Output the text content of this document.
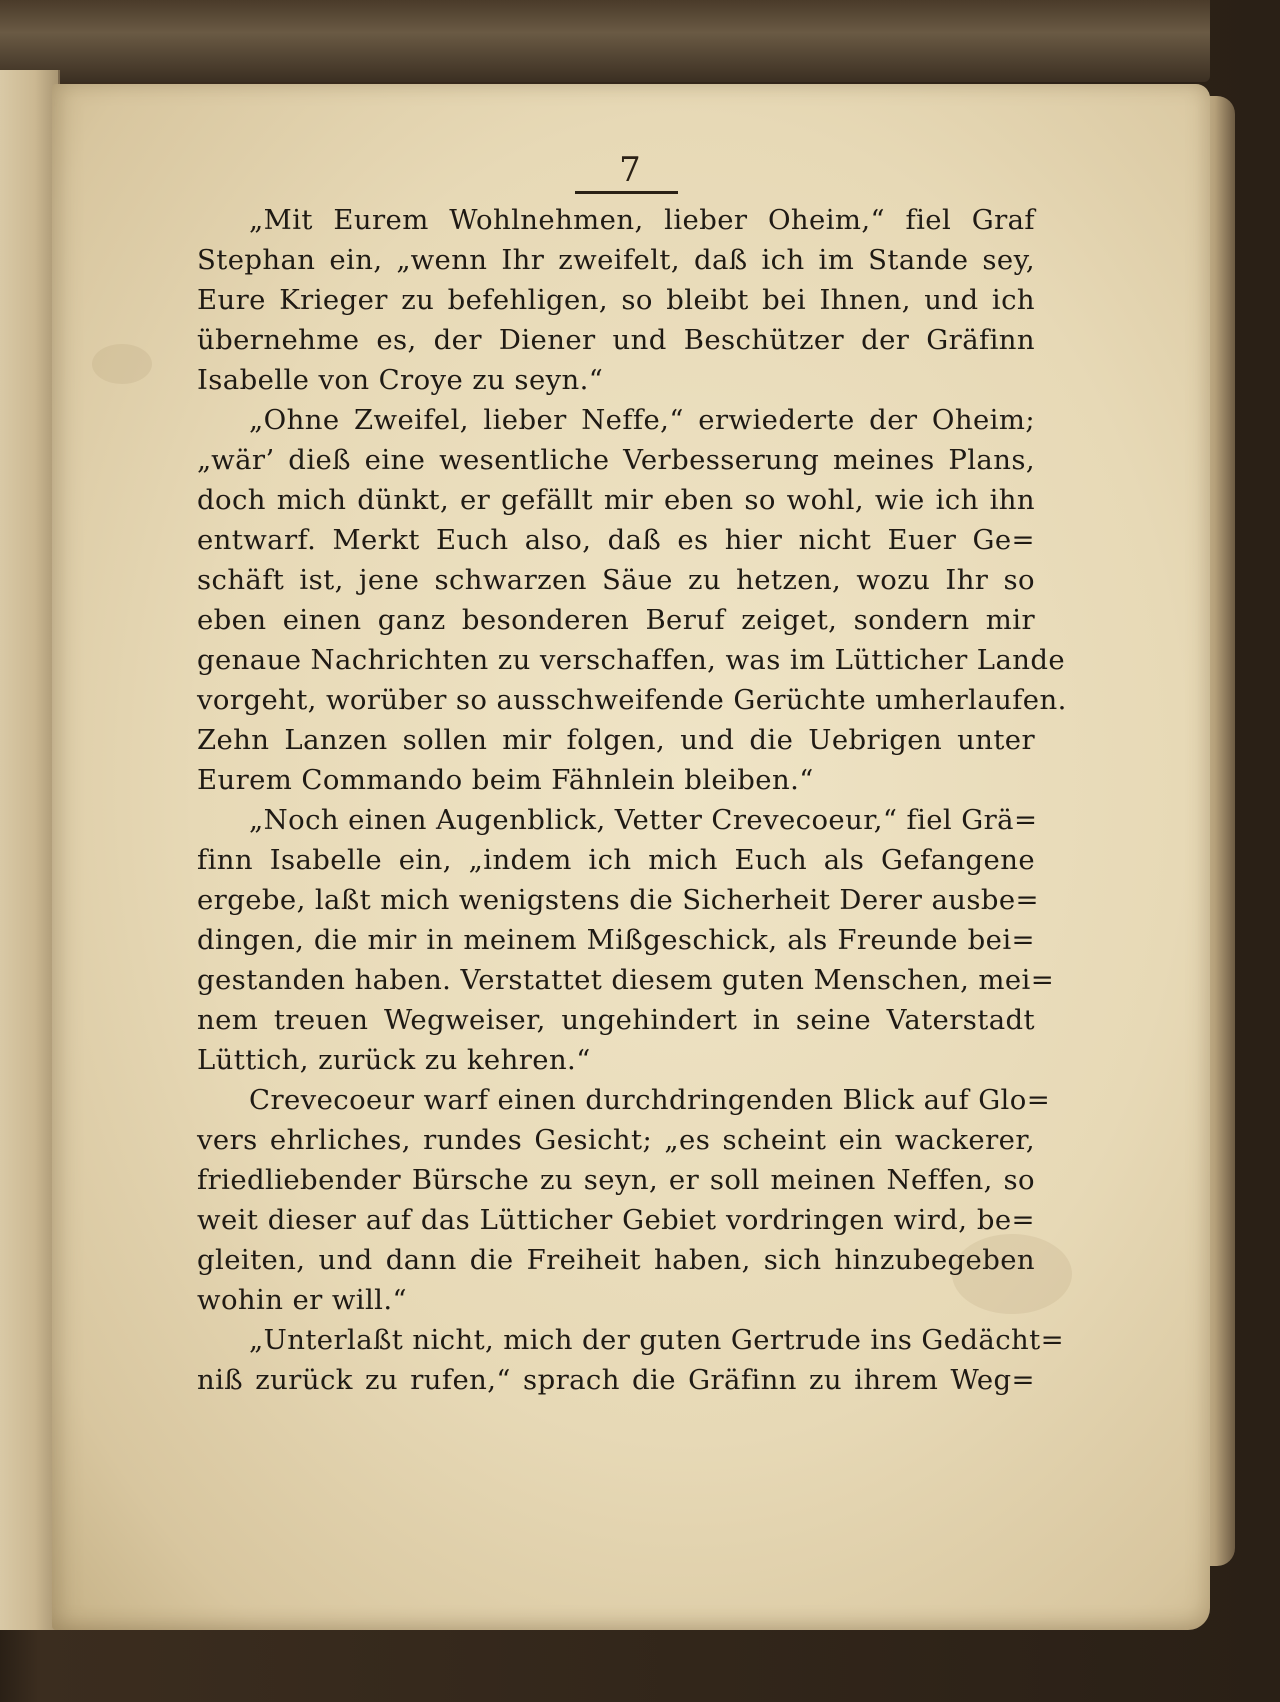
7
„Mit Eurem Wohlnehmen, lieber Oheim,“ fiel Graf
Stephan ein, „wenn Ihr zweifelt, daß ich im Stande sey,
Eure Krieger zu befehligen, so bleibt bei Ihnen, und ich
übernehme es, der Diener und Beschützer der Gräfinn
Isabelle von Croye zu seyn.“
„Ohne Zweifel, lieber Neffe,“ erwiederte der Oheim;
„wär’ dieß eine wesentliche Verbesserung meines Plans,
doch mich dünkt, er gefällt mir eben so wohl, wie ich ihn
entwarf. Merkt Euch also, daß es hier nicht Euer Ge=
schäft ist, jene schwarzen Säue zu hetzen, wozu Ihr so
eben einen ganz besonderen Beruf zeiget, sondern mir
genaue Nachrichten zu verschaffen, was im Lütticher Lande
vorgeht, worüber so ausschweifende Gerüchte umherlaufen.
Zehn Lanzen sollen mir folgen, und die Uebrigen unter
Eurem Commando beim Fähnlein bleiben.“
„Noch einen Augenblick, Vetter Crevecoeur,“ fiel Grä=
finn Isabelle ein, „indem ich mich Euch als Gefangene
ergebe, laßt mich wenigstens die Sicherheit Derer ausbe=
dingen, die mir in meinem Mißgeschick, als Freunde bei=
gestanden haben. Verstattet diesem guten Menschen, mei=
nem treuen Wegweiser, ungehindert in seine Vaterstadt
Lüttich, zurück zu kehren.“
Crevecoeur warf einen durchdringenden Blick auf Glo=
vers ehrliches, rundes Gesicht; „es scheint ein wackerer,
friedliebender Bürsche zu seyn, er soll meinen Neffen, so
weit dieser auf das Lütticher Gebiet vordringen wird, be=
gleiten, und dann die Freiheit haben, sich hinzubegeben
wohin er will.“
„Unterlaßt nicht, mich der guten Gertrude ins Gedächt=
niß zurück zu rufen,“ sprach die Gräfinn zu ihrem Weg=
